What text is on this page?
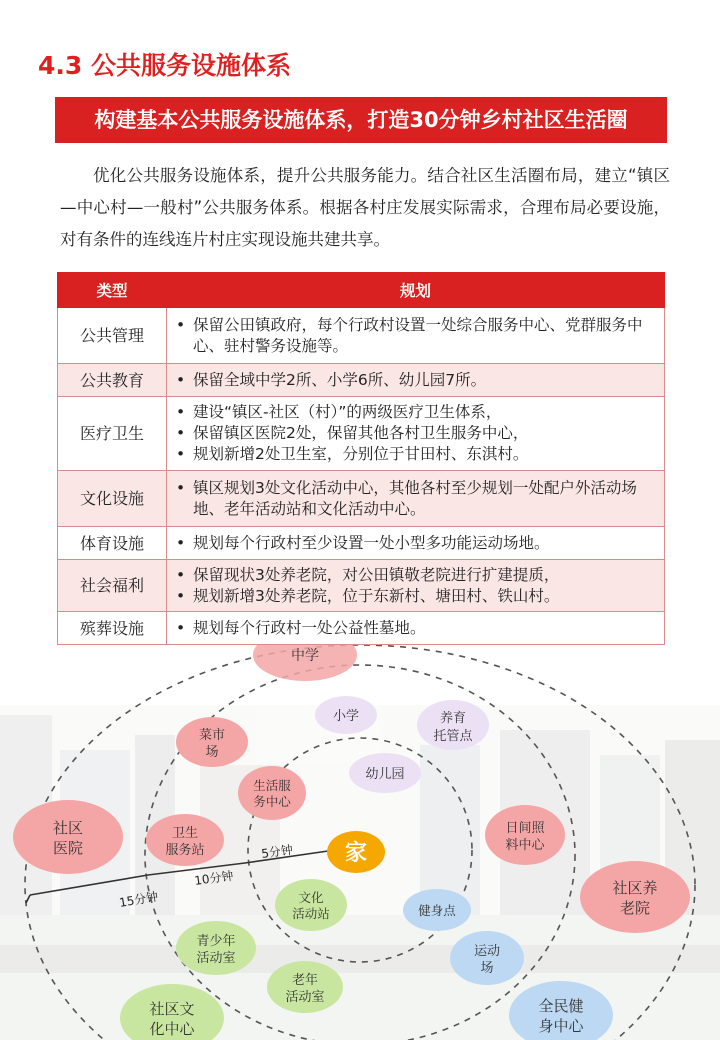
4.3 公共服务设施体系
构建基本公共服务设施体系，打造30分钟乡村社区生活圈
优化公共服务设施体系，提升公共服务能力。结合社区生活圈布局，建立“镇区—中心村—一般村”公共服务体系。根据各村庄发展实际需求，合理布局必要设施，对有条件的连线连片村庄实现设施共建共享。
类型	规划
公共管理	• 保留公田镇政府，每个行政村设置一处综合服务中心、党群服务中心、驻村警务设施等。

公共教育	• 保留全域中学2所、小学6所、幼儿园7所。

医疗卫生	• 建设“镇区-社区（村）”的两级医疗卫生体系，
• 保留镇区医院2处，保留其他各村卫生服务中心，
• 规划新增2处卫生室，分别位于甘田村、东淇村。

文化设施	• 镇区规划3处文化活动中心，其他各村至少规划一处配户外活动场地、老年活动站和文化活动中心。

体育设施	• 规划每个行政村至少设置一处小型多功能运动场地。

社会福利	• 保留现状3处养老院，对公田镇敬老院进行扩建提质，
• 规划新增3处养老院，位于东新村、塘田村、铁山村。

殡葬设施	• 规划每个行政村一处公益性墓地。
5分钟
10分钟
15分钟
家
中学
小学	养育
托管点
菜市
场
幼儿园
生活服
务中心
社区
医院
卫生
服务站
日间照
料中心
社区养
老院
文化
活动站	健身点
青少年
活动室	运动
场
老年
活动室
社区文
化中心
全民健
身中心
